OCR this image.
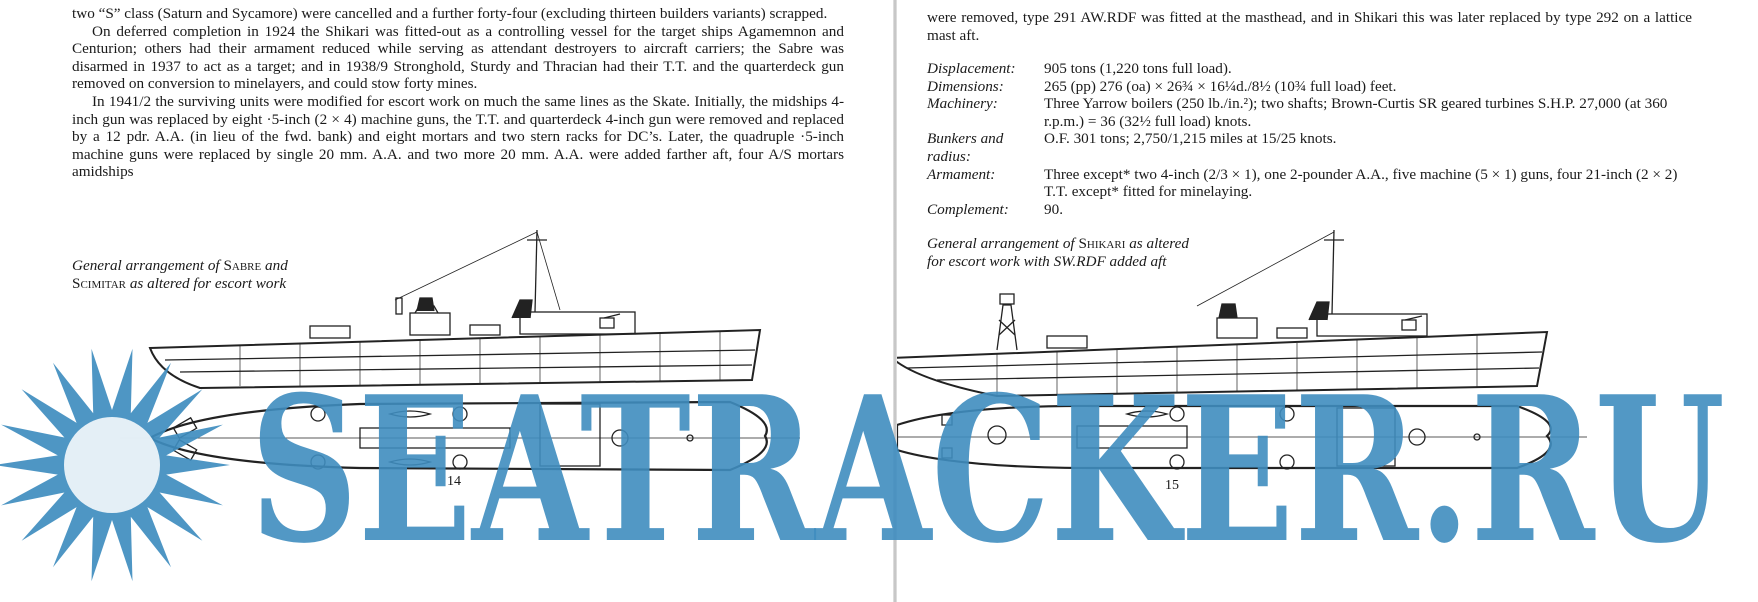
two “S” class (Saturn and Sycamore) were cancelled and a further forty-four (excluding thirteen builders variants) scrapped.

On deferred completion in 1924 the Shikari was fitted-out as a controlling vessel for the target ships Agamemnon and Centurion; others had their armament reduced while serving as attendant destroyers to aircraft carriers; the Sabre was disarmed in 1937 to act as a target; and in 1938/9 Stronghold, Sturdy and Thracian had their T.T. and the quarterdeck gun removed on conversion to minelayers, and could stow forty mines.

In 1941/2 the surviving units were modified for escort work on much the same lines as the Skate. Initially, the midships 4-inch gun was replaced by eight ·5-inch (2 × 4) machine guns, the T.T. and quarterdeck 4-inch gun were removed and replaced by a 12 pdr. A.A. (in lieu of the fwd. bank) and eight mortars and two stern racks for DC’s. Later, the quadruple ·5-inch machine guns were replaced by single 20 mm. A.A. and two more 20 mm. A.A. were added farther aft, four A/S mortars amidships

General arrangement of Sabre and
Scimitar as altered for escort work
14

were removed, type 291 AW.RDF was fitted at the masthead, and in Shikari this was later replaced by type 292 on a lattice mast aft.

Displacement:	905 tons (1,220 tons full load).
Dimensions:	265 (pp) 276 (oa) × 26¾ × 16¼d./8½ (10¾ full load) feet.
Machinery:	Three Yarrow boilers (250 lb./in.²); two shafts; Brown-Curtis SR geared turbines S.H.P. 27,000 (at 360 r.p.m.) = 36 (32½ full load) knots.
Bunkers and radius:
O.F. 301 tons; 2,750/1,215 miles at 15/25 knots.
Armament:	Three except* two 4-inch (2/3 × 1), one 2-pounder A.A., five machine (5 × 1) guns, four 21-inch (2 × 2) T.T. except* fitted for minelaying.
Complement:	90.
General arrangement of Shikari as altered
for escort work with SW.RDF added aft
15
SEATRACKER.RU
